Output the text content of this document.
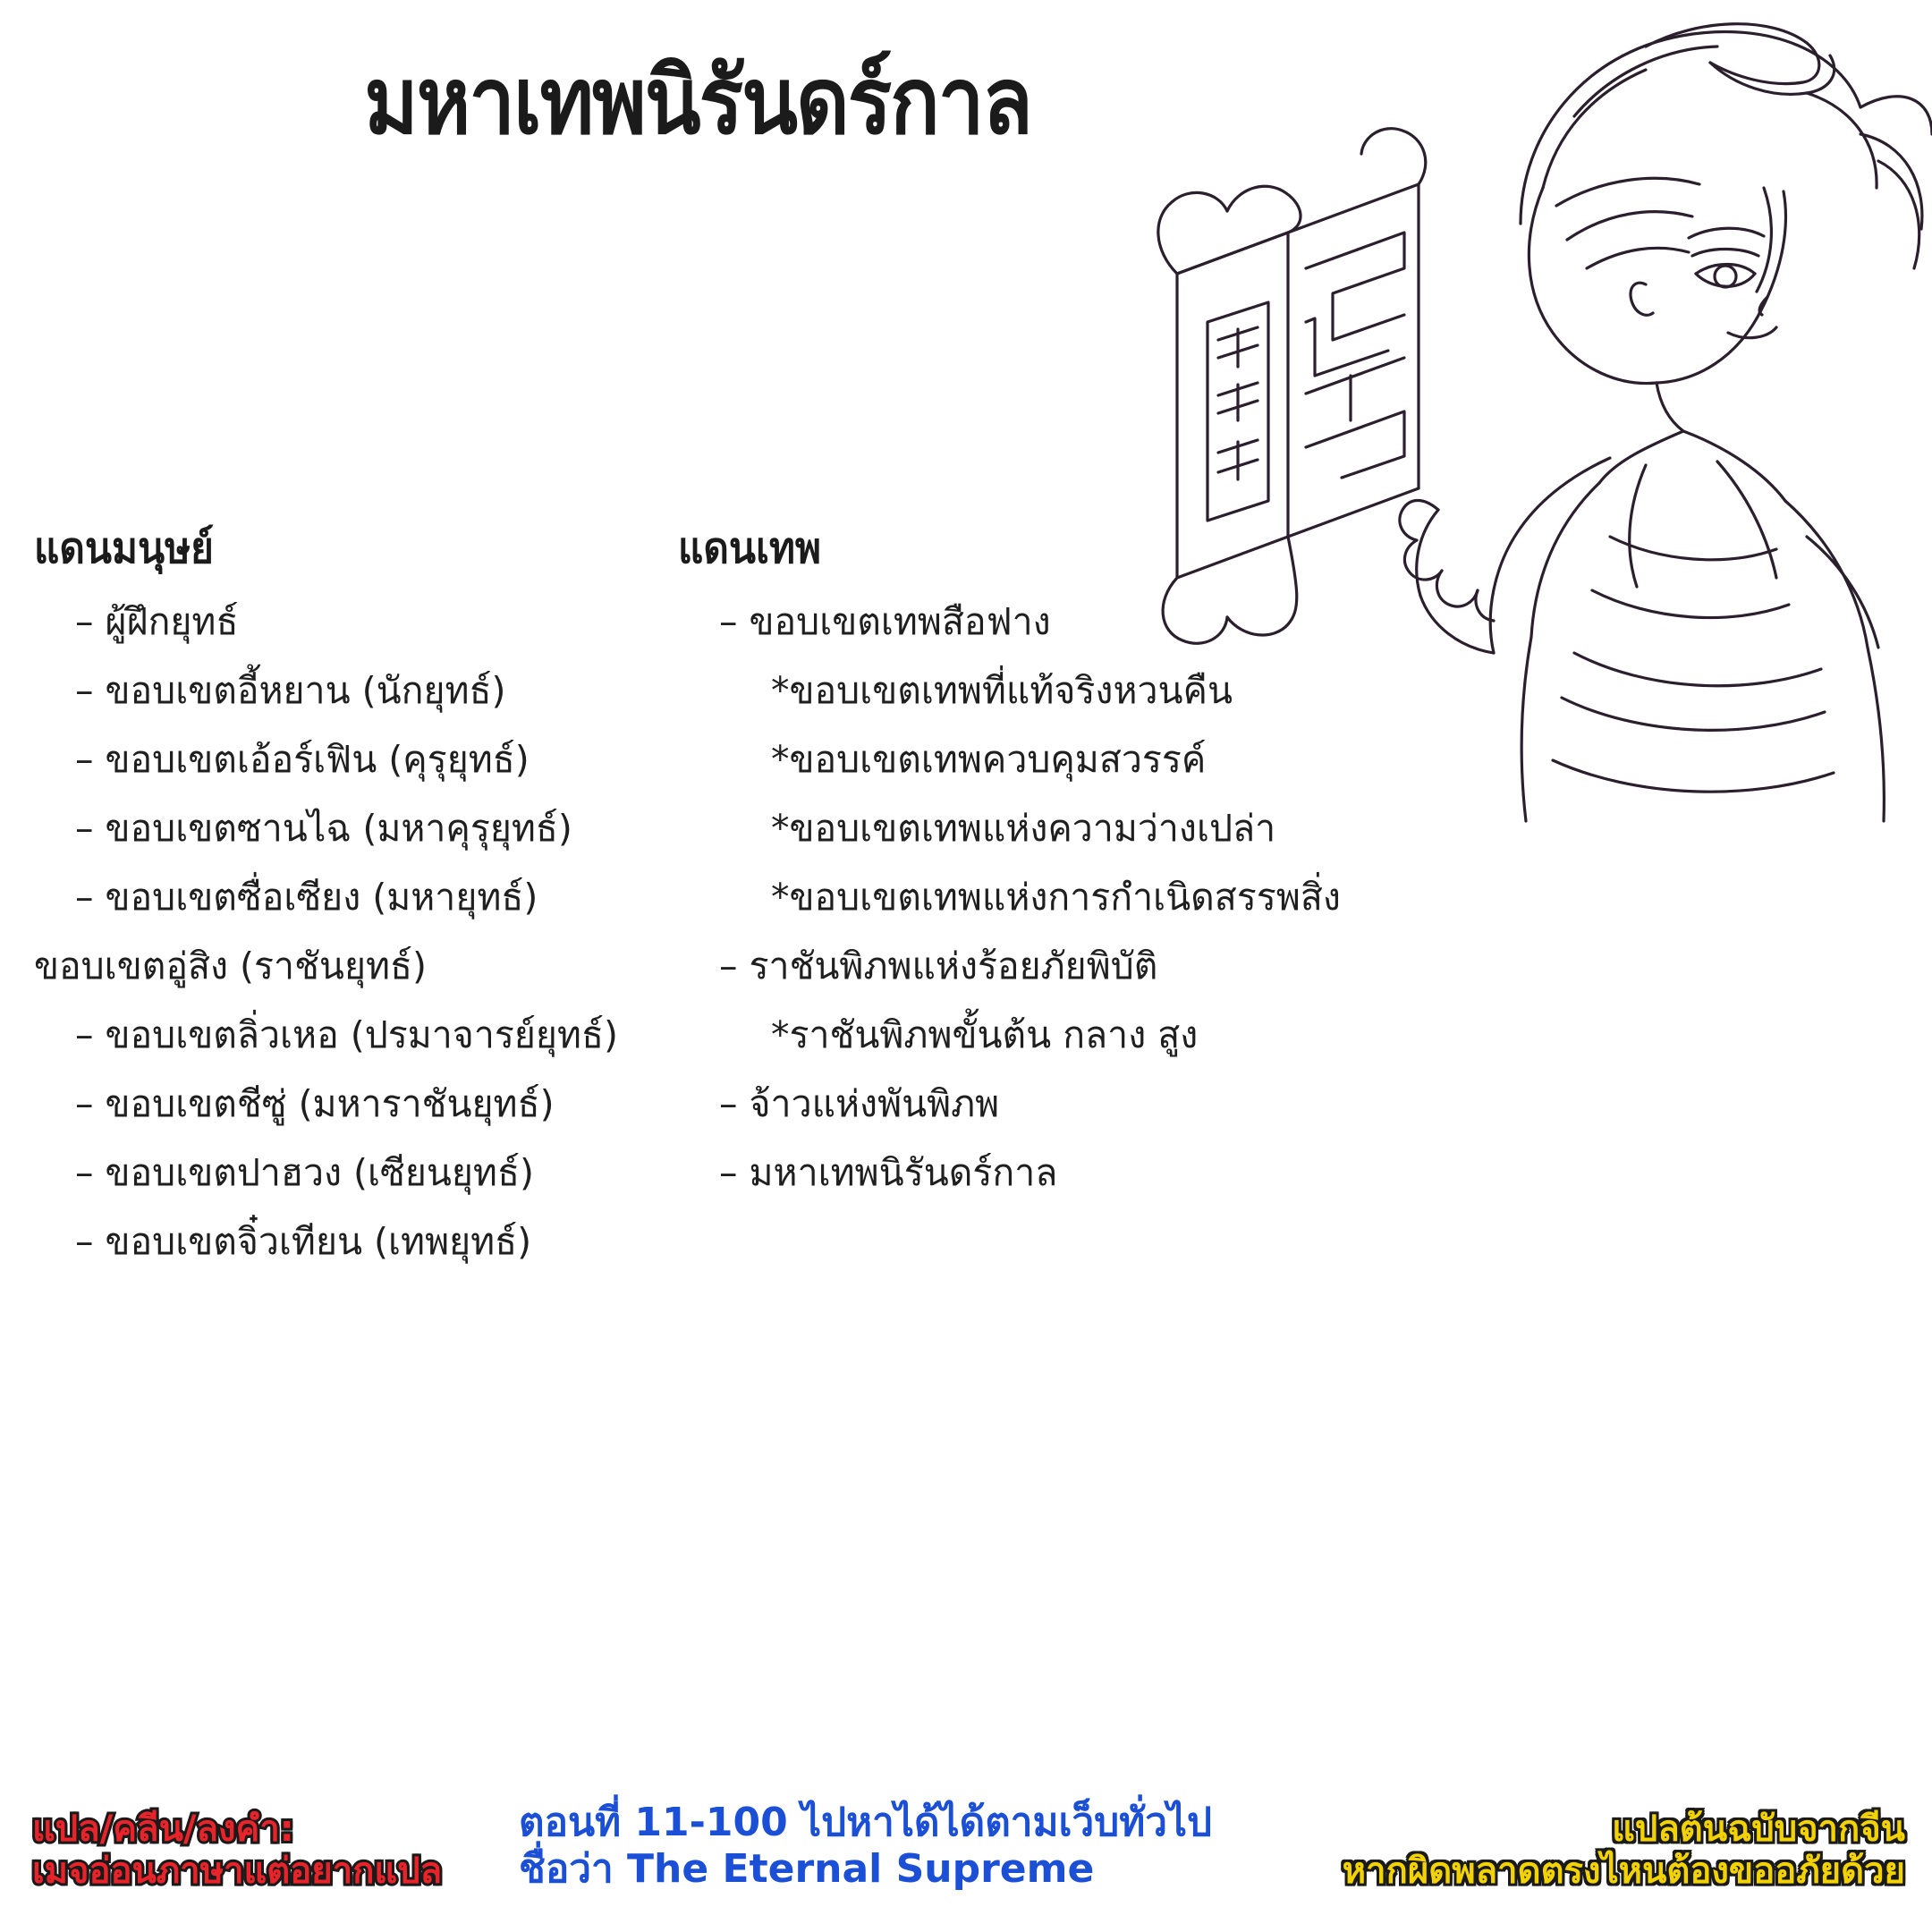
มหาเทพนิรันดร์กาล
แดนมนุษย์
– ผู้ฝึกยุทธ์
– ขอบเขตอี้หยาน (นักยุทธ์)
– ขอบเขตเอ้อร์เฟิน (คุรุยุทธ์)
– ขอบเขตซานไฉ (มหาคุรุยุทธ์)
– ขอบเขตซื่อเซียง (มหายุทธ์)
ขอบเขตอู่สิง (ราชันยุทธ์)
– ขอบเขตลิ่วเหอ (ปรมาจารย์ยุทธ์)
– ขอบเขตชีซู่ (มหาราชันยุทธ์)
– ขอบเขตปาฮวง (เซียนยุทธ์)
– ขอบเขตจิ๋วเทียน (เทพยุทธ์)
แดนเทพ
– ขอบเขตเทพสือฟาง
*ขอบเขตเทพที่แท้จริงหวนคืน
*ขอบเขตเทพควบคุมสวรรค์
*ขอบเขตเทพแห่งความว่างเปล่า
*ขอบเขตเทพแห่งการกำเนิดสรรพสิ่ง
– ราชันพิภพแห่งร้อยภัยพิบัติ
*ราชันพิภพขั้นต้น กลาง สูง
– จ้าวแห่งพันพิภพ
– มหาเทพนิรันดร์กาล
แปล/คลีน/ลงคำ:
เมจอ่อนภาษาแต่อยากแปล
ตอนที่ 11-100 ไปหาได้ได้ตามเว็บทั่วไป
ชื่อว่า The Eternal Supreme
แปลต้นฉบับจากจีน
หากผิดพลาดตรงไหนต้องขออภัยด้วย
